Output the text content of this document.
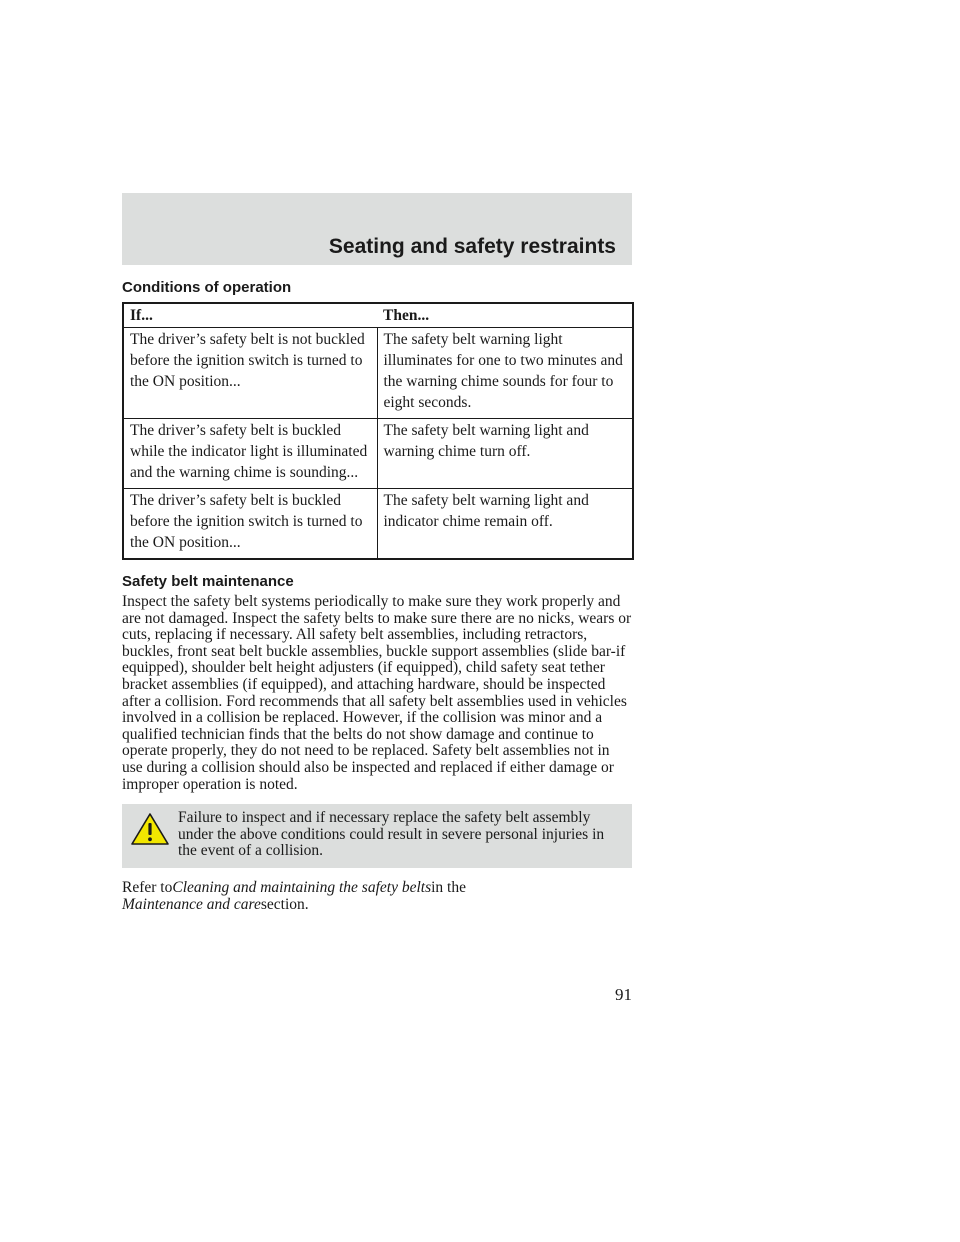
Seating and safety restraints
Conditions of operation
If...	Then...
The driver’s safety belt is not buckled before the ignition switch is turned to the ON position...	The safety belt warning light illuminates for one to two minutes and the warning chime sounds for four to eight seconds.
The driver’s safety belt is buckled while the indicator light is illuminated and the warning chime is sounding...	The safety belt warning light and warning chime turn off.
The driver’s safety belt is buckled before the ignition switch is turned to the ON position...	The safety belt warning light and indicator chime remain off.
Safety belt maintenance

Inspect the safety belt systems periodically to make sure they work properly and are not damaged. Inspect the safety belts to make sure there are no nicks, wears or cuts, replacing if necessary. All safety belt assemblies, including retractors, buckles, front seat belt buckle assemblies, buckle support assemblies (slide bar-if equipped), shoulder belt height adjusters (if equipped), child safety seat tether bracket assemblies (if equipped), and attaching hardware, should be inspected after a collision. Ford recommends that all safety belt assemblies used in vehicles involved in a collision be replaced. However, if the collision was minor and a qualified technician finds that the belts do not show damage and continue to operate properly, they do not need to be replaced. Safety belt assemblies not in use during a collision should also be inspected and replaced if either damage or improper operation is noted.

Failure to inspect and if necessary replace the safety belt assembly under the above conditions could result in severe personal injuries in the event of a collision.

Refer toCleaning and maintaining the safety beltsin the
Maintenance and caresection.

91
